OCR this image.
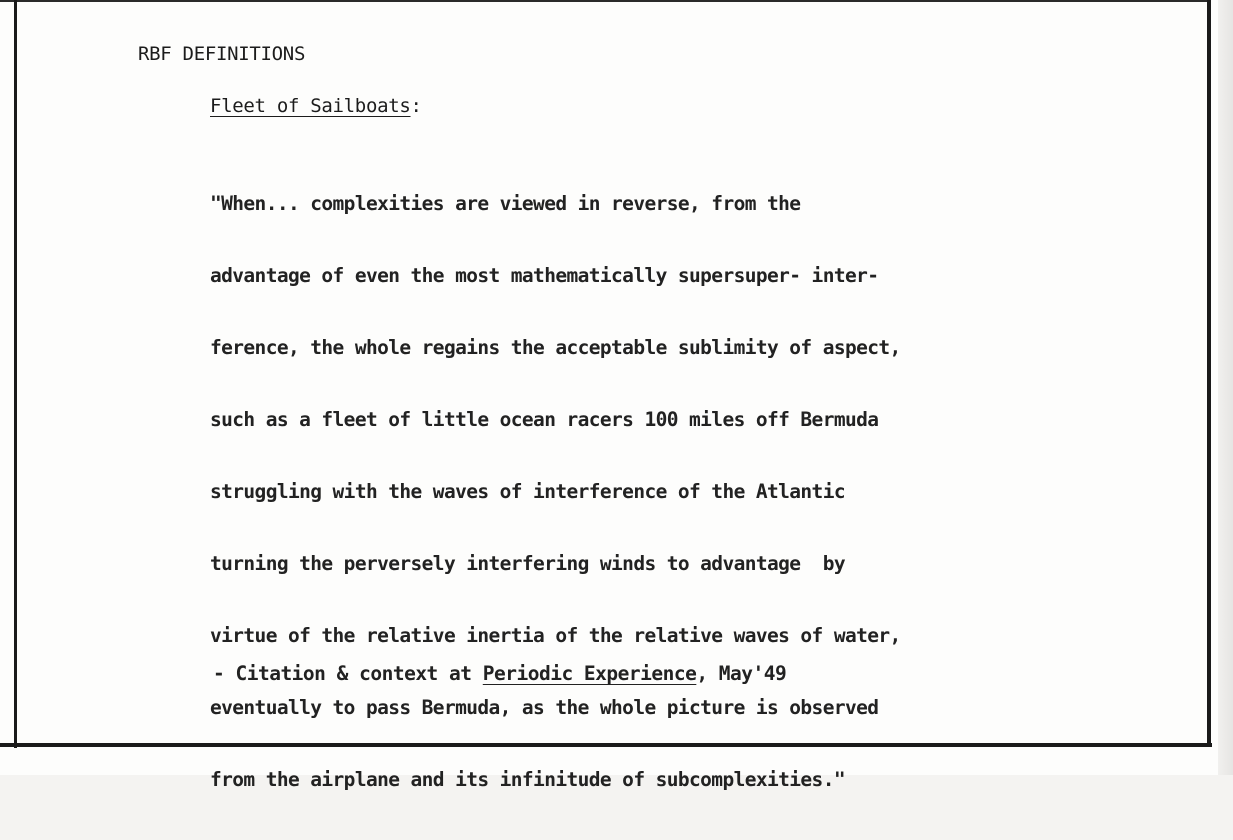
RBF DEFINITIONS
Fleet of Sailboats:

"When... complexities are viewed in reverse, from the

advantage of even the most mathematically supersuper- inter-

ference, the whole regains the acceptable sublimity of aspect,

such as a fleet of little ocean racers 100 miles off Bermuda

struggling with the waves of interference of the Atlantic

turning the perversely interfering winds to advantage  by

virtue of the relative inertia of the relative waves of water,

eventually to pass Bermuda, as the whole picture is observed

from the airplane and its infinitude of subcomplexities."

- Citation & context at Periodic Experience, May'49
